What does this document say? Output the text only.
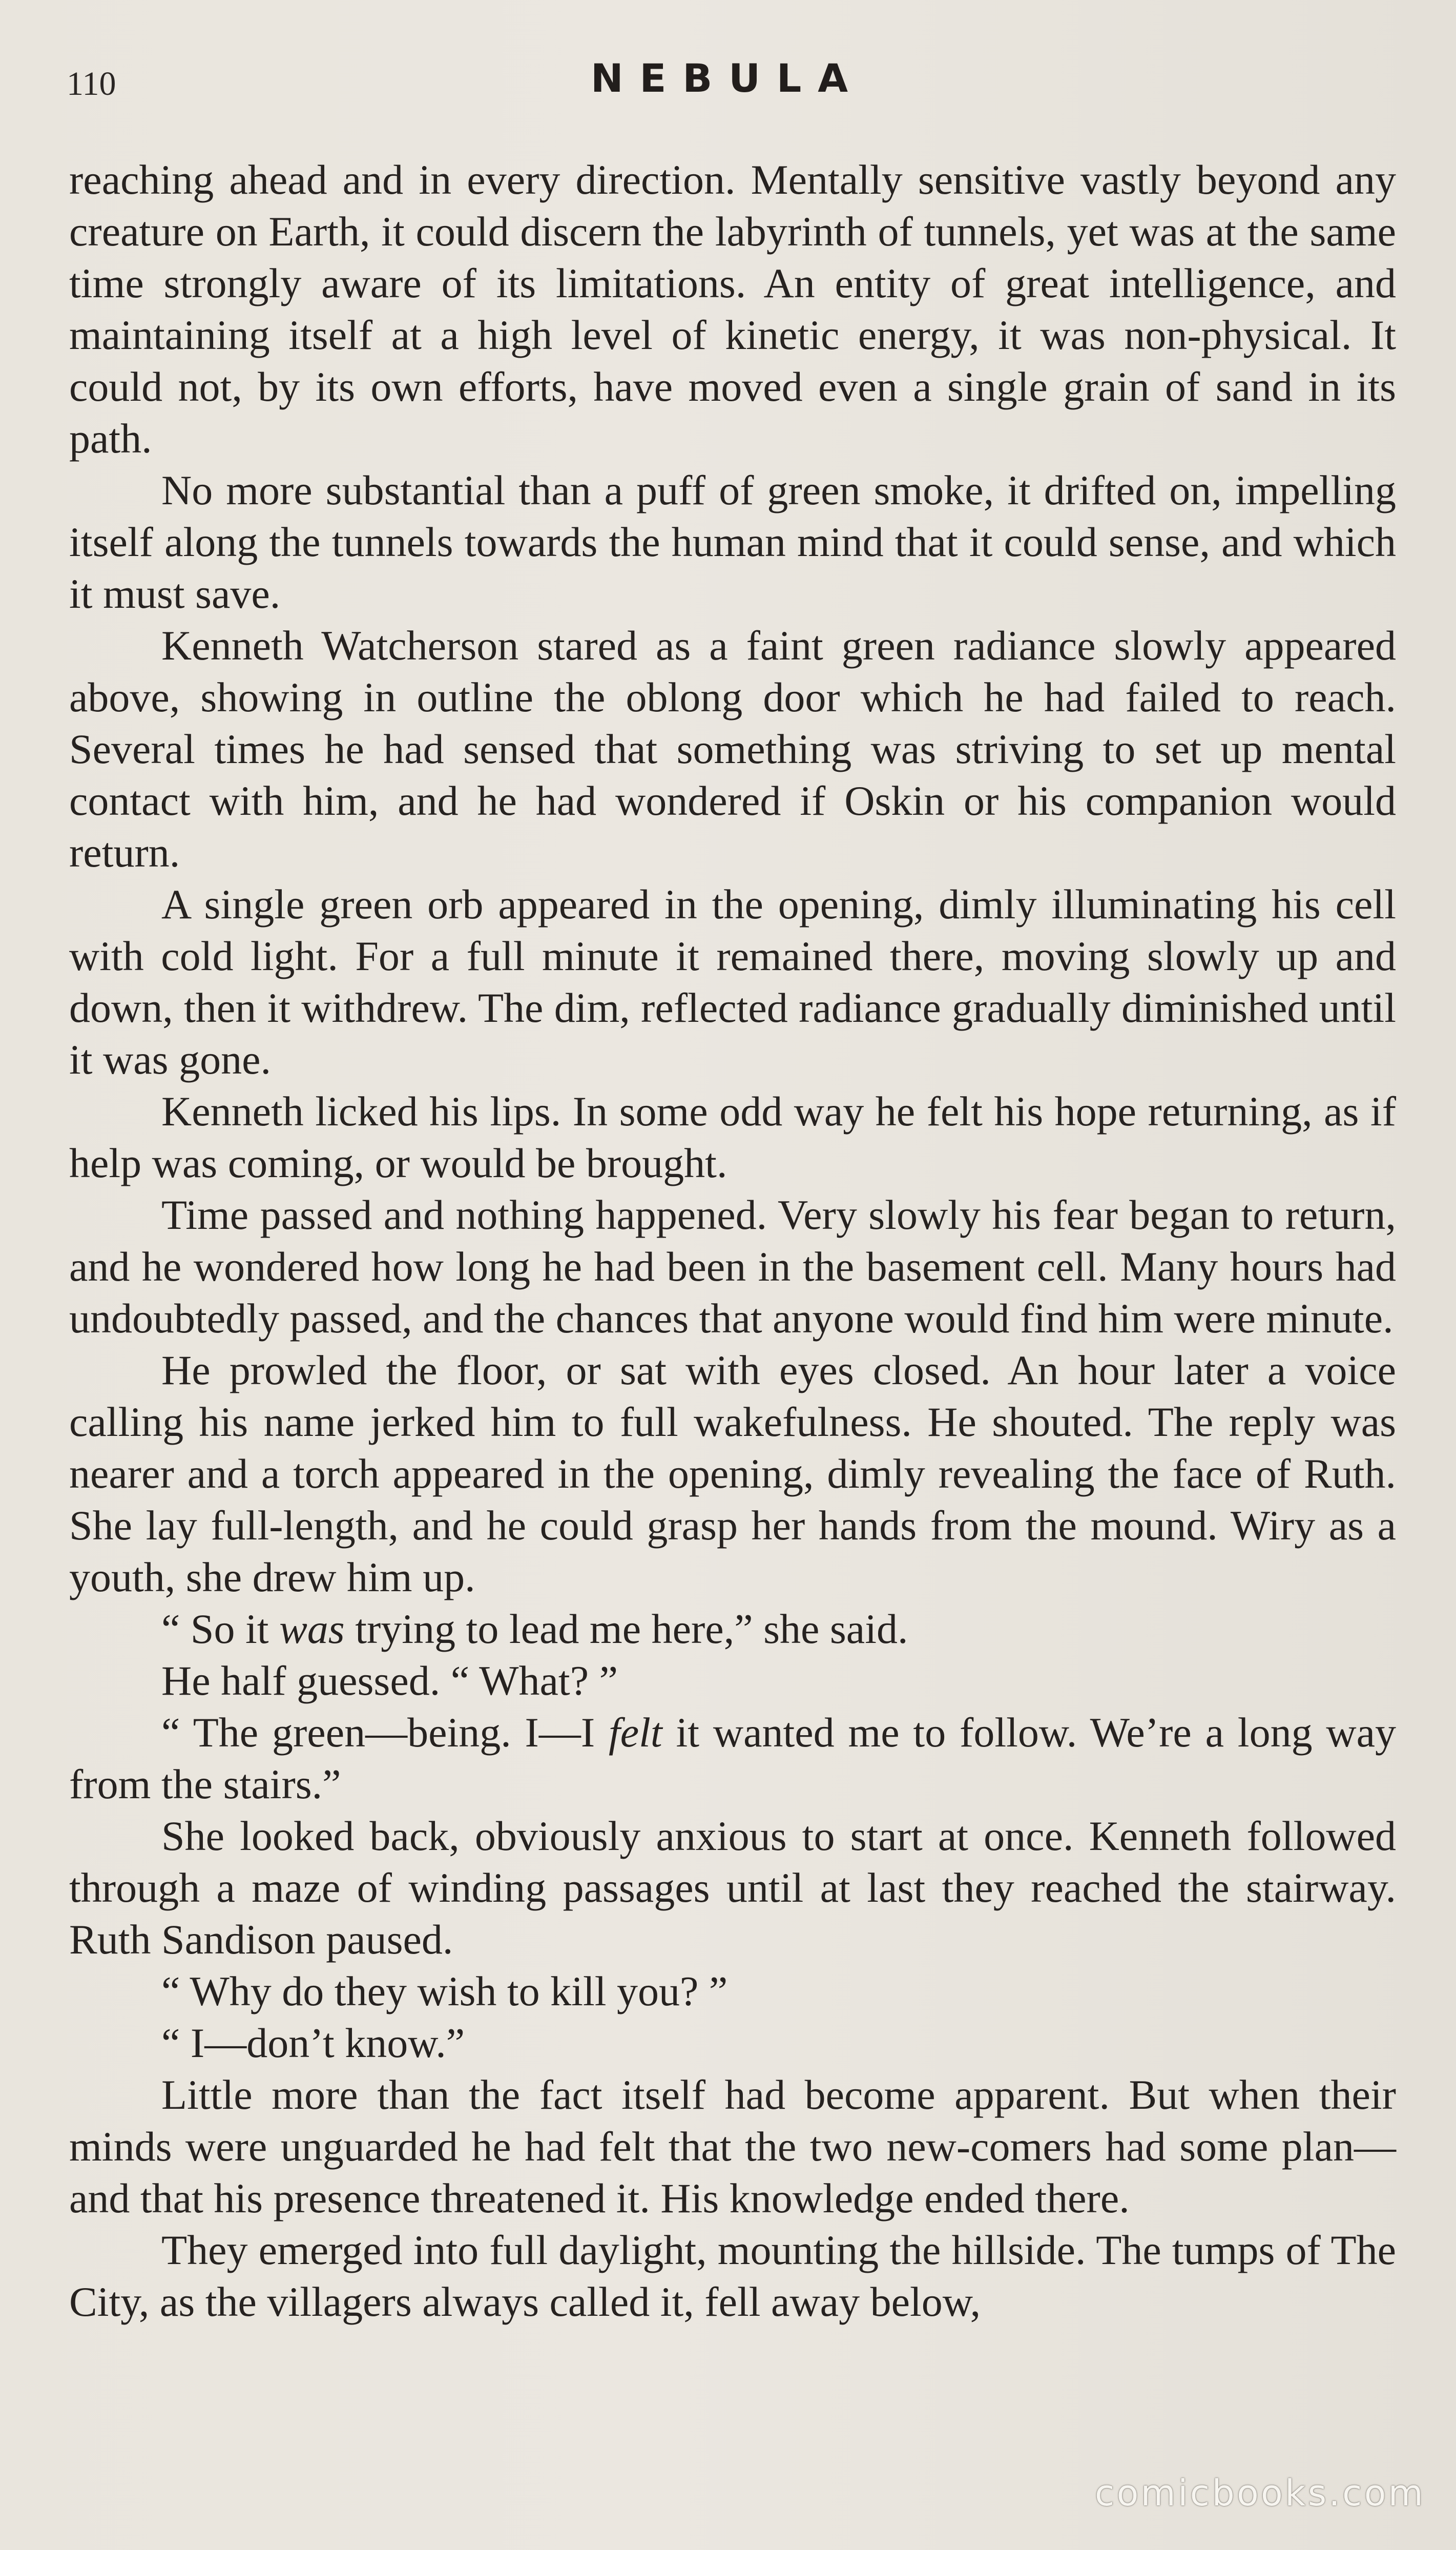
110	NEBULA

reaching ahead and in every direction. Mentally sensitive vastly beyond any creature on Earth, it could discern the labyrinth of tunnels, yet was at the same time strongly aware of its limitations. An entity of great intelligence, and maintaining itself at a high level of kinetic energy, it was non-physical. It could not, by its own efforts, have moved even a single grain of sand in its path.

No more substantial than a puff of green smoke, it drifted on, impelling itself along the tunnels towards the human mind that it could sense, and which it must save.

Kenneth Watcherson stared as a faint green radiance slowly appeared above, showing in outline the oblong door which he had failed to reach. Several times he had sensed that something was striving to set up mental contact with him, and he had wondered if Oskin or his companion would return.

A single green orb appeared in the opening, dimly illuminating his cell with cold light. For a full minute it remained there, moving slowly up and down, then it withdrew. The dim, reflected radiance gradually diminished until it was gone.

Kenneth licked his lips. In some odd way he felt his hope returning, as if help was coming, or would be brought.

Time passed and nothing happened. Very slowly his fear began to return, and he wondered how long he had been in the basement cell. Many hours had undoubtedly passed, and the chances that anyone would find him were minute.

He prowled the floor, or sat with eyes closed. An hour later a voice calling his name jerked him to full wakefulness. He shouted. The reply was nearer and a torch appeared in the opening, dimly revealing the face of Ruth. She lay full-length, and he could grasp her hands from the mound. Wiry as a youth, she drew him up.

“ So it was trying to lead me here,” she said.

He half guessed. “ What? ”

“ The green—being. I—I felt it wanted me to follow. We’re a long way from the stairs.”

She looked back, obviously anxious to start at once. Kenneth followed through a maze of winding passages until at last they reached the stairway. Ruth Sandison paused.

“ Why do they wish to kill you? ”

“ I—don’t know.”

Little more than the fact itself had become apparent. But when their minds were unguarded he had felt that the two new-comers had some plan—and that his presence threatened it. His knowledge ended there.

They emerged into full daylight, mounting the hillside. The tumps of The City, as the villagers always called it, fell away below,

comicbooks.com
